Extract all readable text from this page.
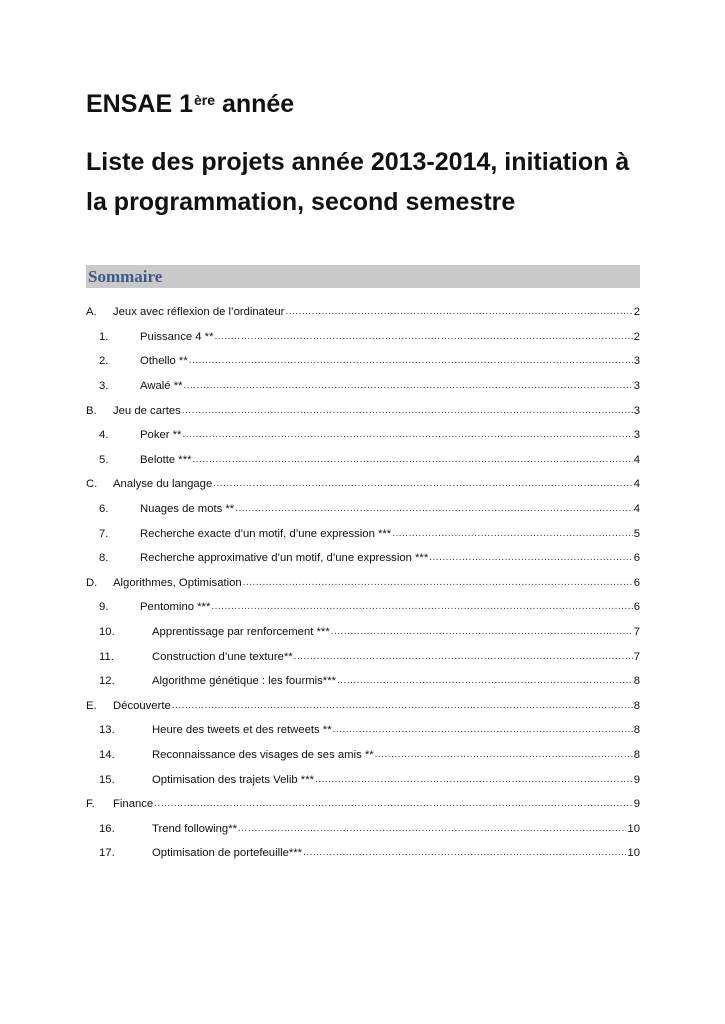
ENSAE 1ère année
Liste des projets année 2013-2014, initiation à la programmation, second semestre
Sommaire
A.	Jeux avec réflexion de l’ordinateur .....	2
1.	Puissance 4 ** .....	2
2.	Othello ** .....	3
3.	Awalé ** .....	3
B.	Jeu de cartes .....	3
4.	Poker ** .....	3
5.	Belotte *** .....	4
C.	Analyse du langage .....	4
6.	Nuages de mots ** .....	4
7.	Recherche exacte d’un motif, d’une expression *** .....	5
8.	Recherche approximative d’un motif, d’une expression *** .....	6
D.	Algorithmes, Optimisation .....	6
9.	Pentomino *** .....	6
10.	Apprentissage par renforcement *** .....	7
11.	Construction d’une texture** .....	7
12.	Algorithme génétique : les fourmis*** .....	8
E.	Découverte .....	8
13.	Heure des tweets et des retweets ** .....	8
14.	Reconnaissance des visages de ses amis ** .....	8
15.	Optimisation des trajets Velib *** .....	9
F.	Finance .....	9
16.	Trend following** .....	10
17.	Optimisation de portefeuille*** .....	10
